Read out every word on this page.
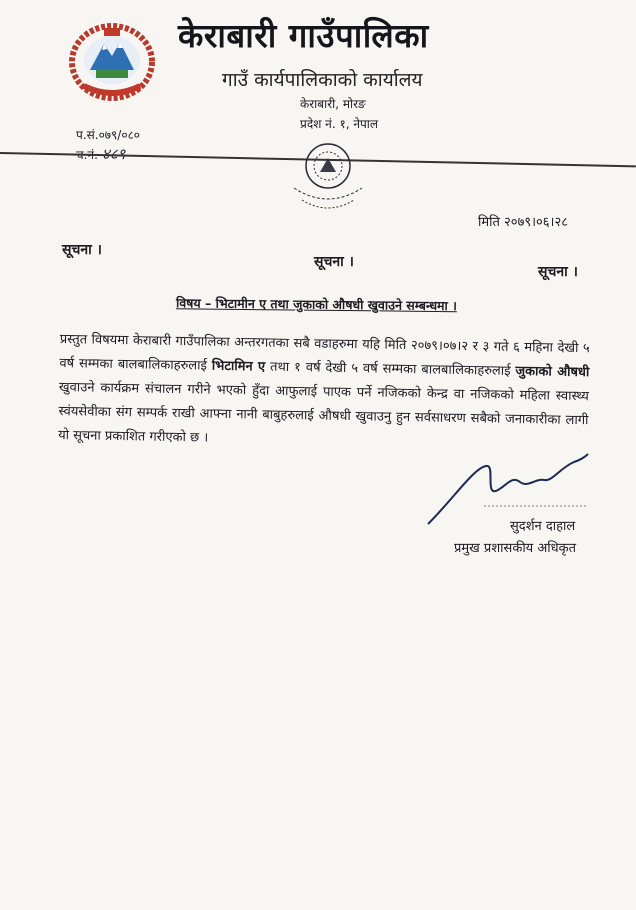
केराबारी गाउँपालिका
गाउँ कार्यपालिकाको कार्यालय
केराबारी, मोरङ
प्रदेश नं. १, नेपाल
प.सं.०७९/०८०
मिति २०७९।०६।२८
सूचना ।
सूचना ।
सूचना ।
विषय – भिटामीन ए तथा जुकाको औषधी खुवाउने सम्बन्धमा ।
प्रस्तुत विषयमा केराबारी गाउँपालिका अन्तरगतका सबै वडाहरुमा यहि मिति २०७९।०७।२ र ३ गते ६ महिना देखी ५ वर्ष सम्मका बालबालिकाहरुलाई भिटामिन ए तथा १ वर्ष देखी ५ वर्ष सम्मका बालबालिकाहरुलाई जुकाको औषधी खुवाउने कार्यक्रम संचालन गरीने भएको हुँदा आफुलाई पाएक पर्ने नजिकको केन्द्र वा नजिकको महिला स्वास्थ्य स्वंयसेवीका संग सम्पर्क राखी आफ्ना नानी बाबुहरुलाई औषधी खुवाउनु हुन सर्वसाधरण सबैको जनाकारीका लागी यो सूचना प्रकाशित गरीएको छ ।
सुदर्शन दाहाल
प्रमुख प्रशासकीय अधिकृत
